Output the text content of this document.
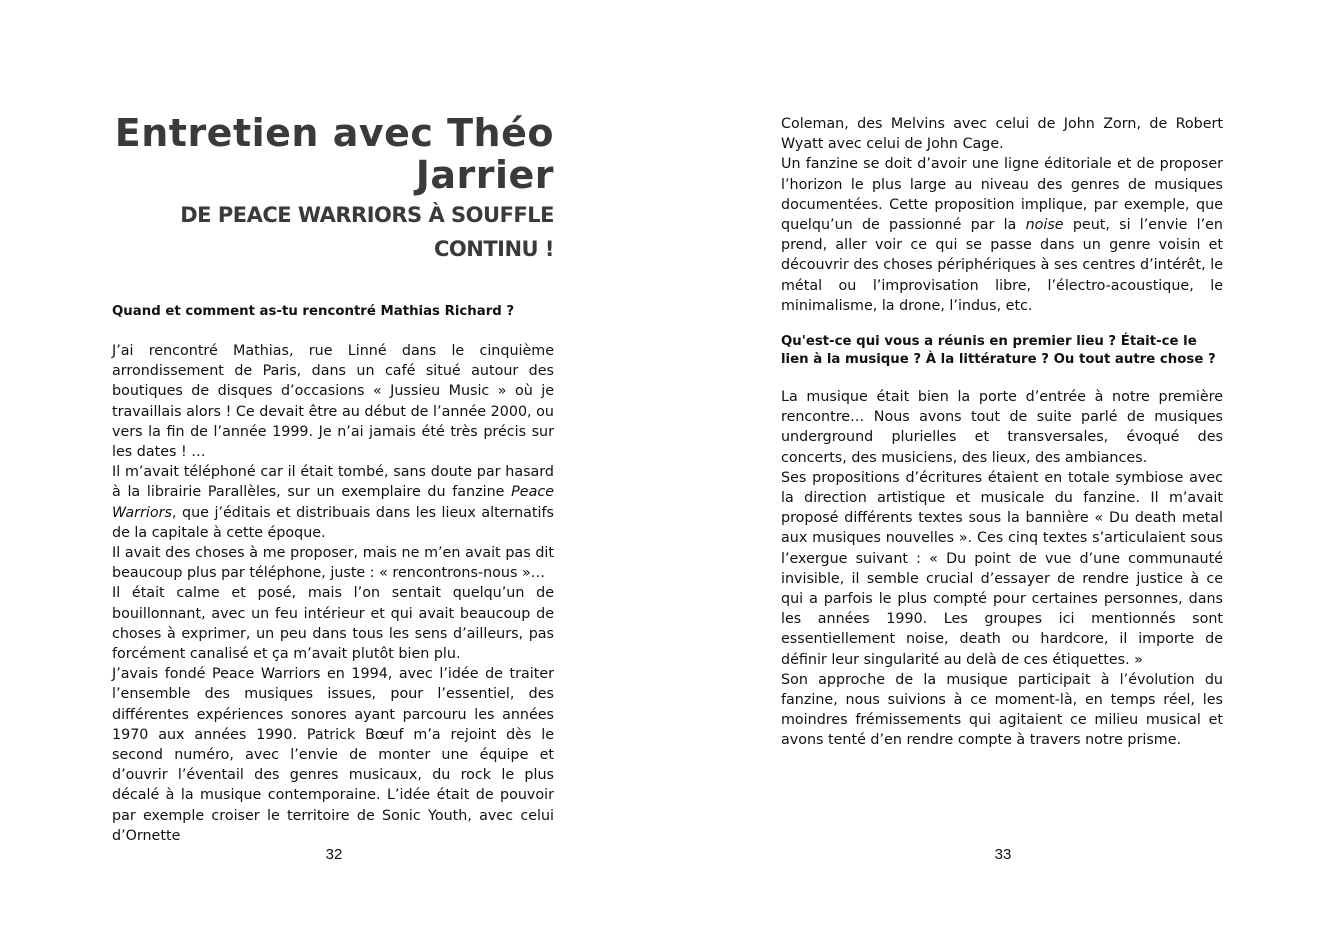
Entretien avec Théo Jarrier
DE PEACE WARRIORS À SOUFFLE CONTINU !
Quand et comment as-tu rencontré Mathias Richard ?

J’ai rencontré Mathias, rue Linné dans le cinquième arrondissement de Paris, dans un café situé autour des boutiques de disques d’occasions « Jussieu Music » où je travaillais alors ! Ce devait être au début de l’année 2000, ou vers la fin de l’année 1999. Je n’ai jamais été très précis sur les dates ! …

Il m’avait téléphoné car il était tombé, sans doute par hasard à la librairie Parallèles, sur un exemplaire du fanzine Peace Warriors, que j’éditais et distribuais dans les lieux alternatifs de la capitale à cette époque.

Il avait des choses à me proposer, mais ne m’en avait pas dit beaucoup plus par téléphone, juste : « rencontrons-nous »…

Il était calme et posé, mais l’on sentait quelqu’un de bouillonnant, avec un feu intérieur et qui avait beaucoup de choses à exprimer, un peu dans tous les sens d’ailleurs, pas forcément canalisé et ça m’avait plutôt bien plu.

J’avais fondé Peace Warriors en 1994, avec l’idée de traiter l’ensemble des musiques issues, pour l’essentiel, des différentes expériences sonores ayant parcouru les années 1970 aux années 1990. Patrick Bœuf m’a rejoint dès le second numéro, avec l’envie de monter une équipe et d’ouvrir l’éventail des genres musicaux, du rock le plus décalé à la musique contemporaine. L’idée était de pouvoir par exemple croiser le territoire de Sonic Youth, avec celui d’Ornette

32

Coleman, des Melvins avec celui de John Zorn, de Robert Wyatt avec celui de John Cage.

Un fanzine se doit d’avoir une ligne éditoriale et de proposer l’horizon le plus large au niveau des genres de musiques documentées. Cette proposition implique, par exemple, que quelqu’un de passionné par la noise peut, si l’envie l’en prend, aller voir ce qui se passe dans un genre voisin et découvrir des choses périphériques à ses centres d’intérêt, le métal ou l’improvisation libre, l’électro-acoustique, le minimalisme, la drone, l’indus, etc.

Qu'est-ce qui vous a réunis en premier lieu ? Était-ce le lien à la musique ? À la littérature ? Ou tout autre chose ?

La musique était bien la porte d’entrée à notre première rencontre… Nous avons tout de suite parlé de musiques underground plurielles et transversales, évoqué des concerts, des musiciens, des lieux, des ambiances.

Ses propositions d’écritures étaient en totale symbiose avec la direction artistique et musicale du fanzine. Il m’avait proposé différents textes sous la bannière « Du death metal aux musiques nouvelles ». Ces cinq textes s’articulaient sous l’exergue suivant : « Du point de vue d’une communauté invisible, il semble crucial d’essayer de rendre justice à ce qui a parfois le plus compté pour certaines personnes, dans les années 1990. Les groupes ici mentionnés sont essentiellement noise, death ou hardcore, il importe de définir leur singularité au delà de ces étiquettes. »

Son approche de la musique participait à l’évolution du fanzine, nous suivions à ce moment-là, en temps réel, les moindres frémissements qui agitaient ce milieu musical et avons tenté d’en rendre compte à travers notre prisme.

33
